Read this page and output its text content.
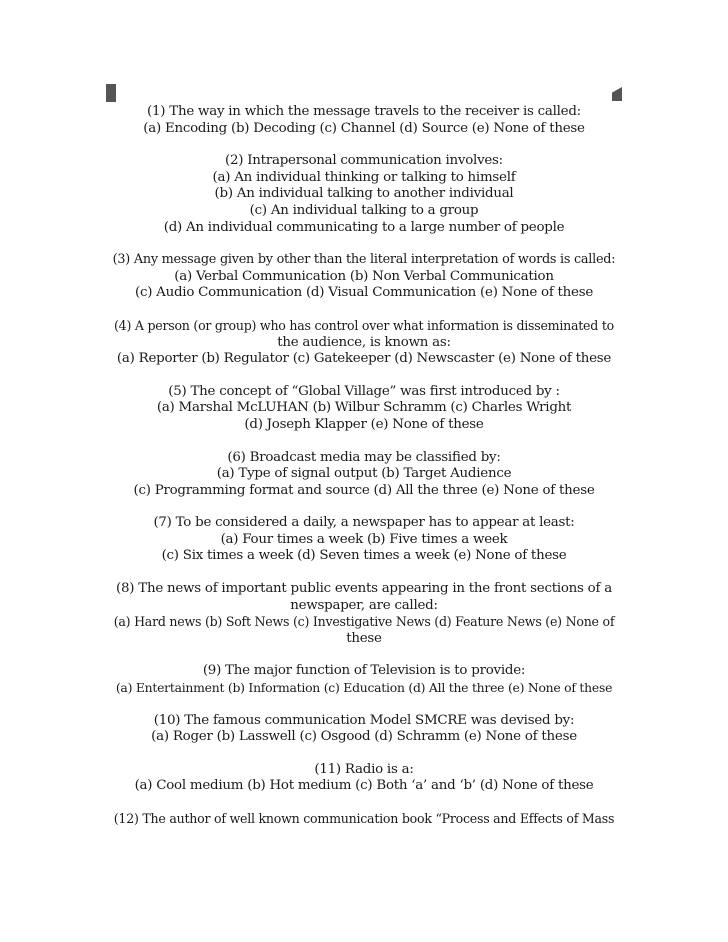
(1) The way in which the message travels to the receiver is called:
(a) Encoding (b) Decoding (c) Channel (d) Source (e) None of these
(2) Intrapersonal communication involves:
(a) An individual thinking or talking to himself
(b) An individual talking to another individual
(c) An individual talking to a group
(d) An individual communicating to a large number of people
(3) Any message given by other than the literal interpretation of words is called:
(a) Verbal Communication (b) Non Verbal Communication
(c) Audio Communication (d) Visual Communication (e) None of these
(4) A person (or group) who has control over what information is disseminated to
the audience, is known as:
(a) Reporter (b) Regulator (c) Gatekeeper (d) Newscaster (e) None of these
(5) The concept of “Global Village” was first introduced by :
(a) Marshal McLUHAN (b) Wilbur Schramm (c) Charles Wright
(d) Joseph Klapper (e) None of these
(6) Broadcast media may be classified by:
(a) Type of signal output (b) Target Audience
(c) Programming format and source (d) All the three (e) None of these
(7) To be considered a daily, a newspaper has to appear at least:
(a) Four times a week (b) Five times a week
(c) Six times a week (d) Seven times a week (e) None of these
(8) The news of important public events appearing in the front sections of a
newspaper, are called:
(a) Hard news (b) Soft News (c) Investigative News (d) Feature News (e) None of
these
(9) The major function of Television is to provide:
(a) Entertainment (b) Information (c) Education (d) All the three (e) None of these
(10) The famous communication Model SMCRE was devised by:
(a) Roger (b) Lasswell (c) Osgood (d) Schramm (e) None of these
(11) Radio is a:
(a) Cool medium (b) Hot medium (c) Both ‘a’ and ‘b’ (d) None of these
(12) The author of well known communication book “Process and Effects of Mass
